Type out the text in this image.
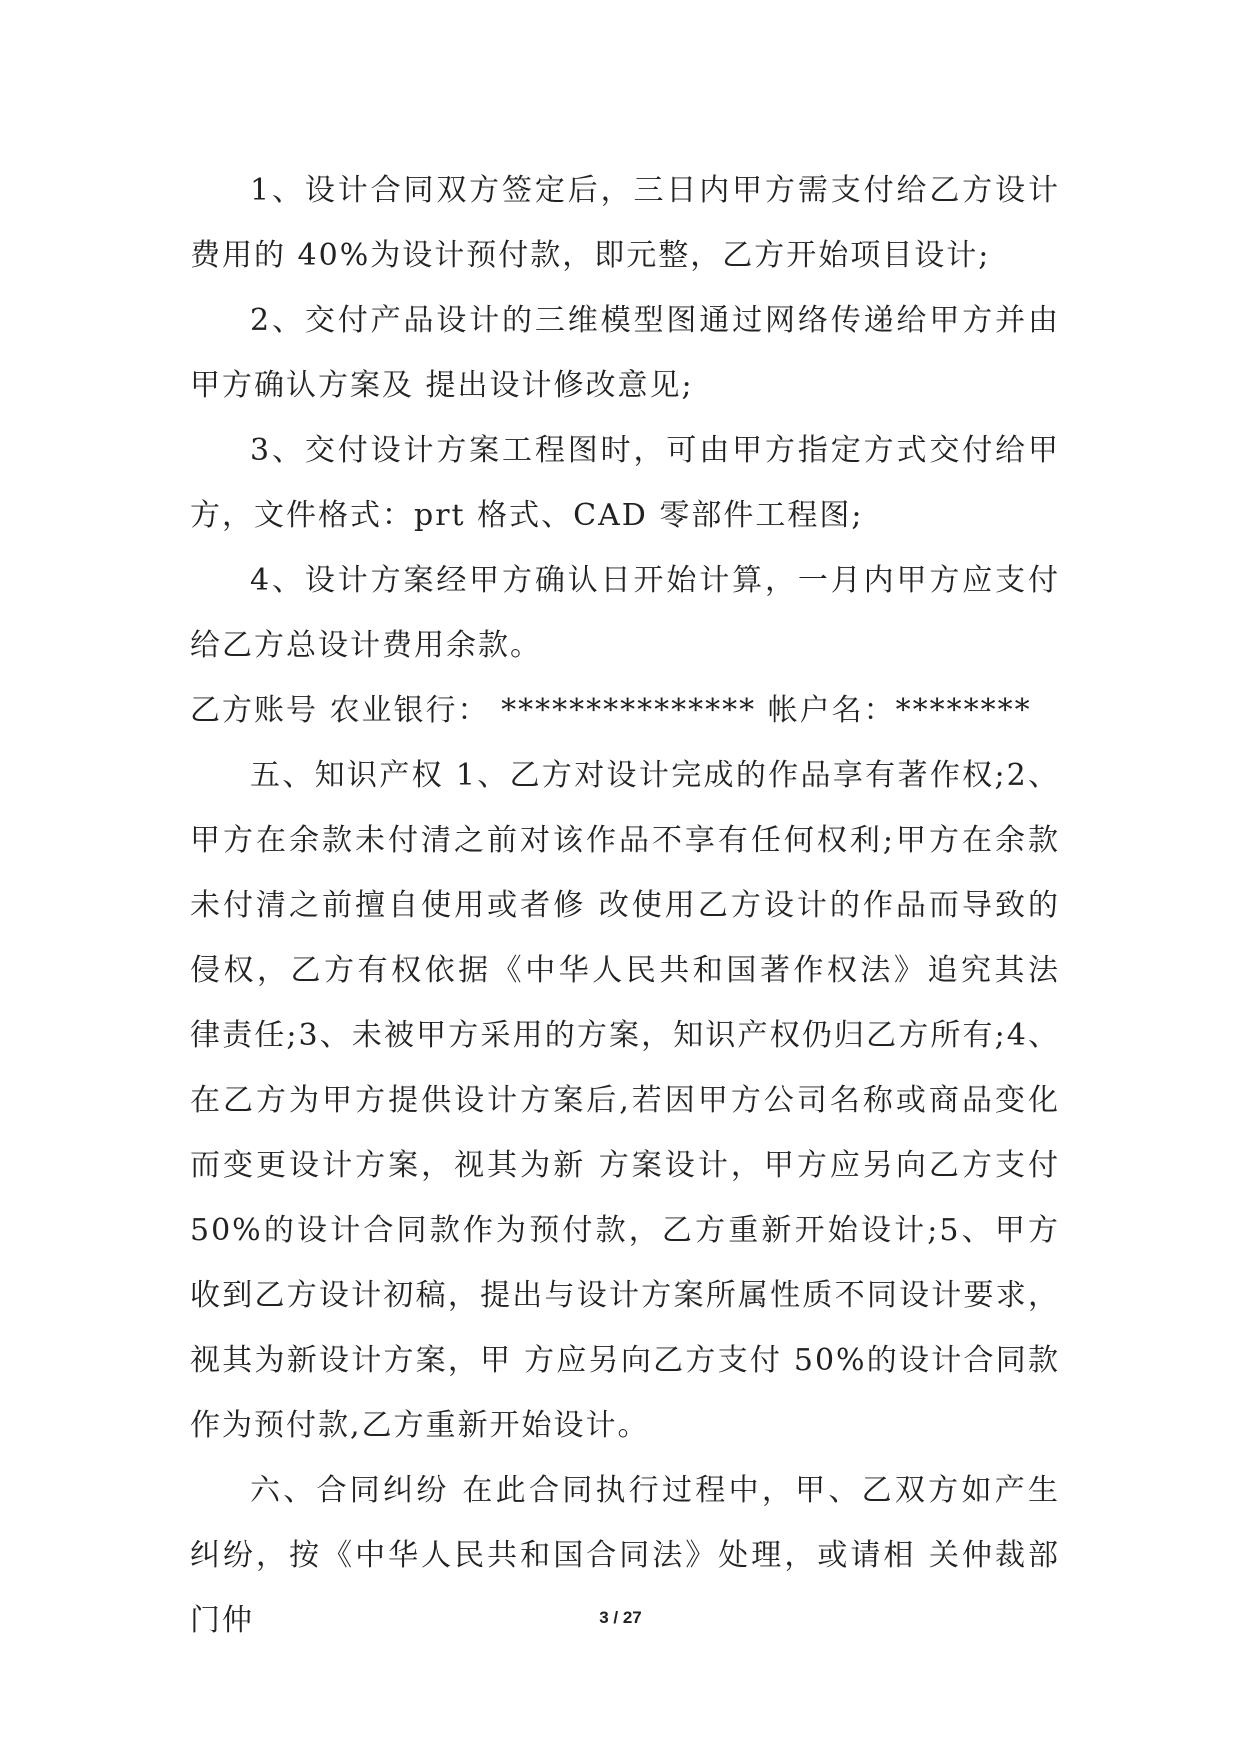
1、设计合同双方签定后，三日内甲方需支付给乙方设计费用的 40%为设计预付款，即元整，乙方开始项目设计;

2、交付产品设计的三维模型图通过网络传递给甲方并由甲方确认方案及 提出设计修改意见;

3、交付设计方案工程图时，可由甲方指定方式交付给甲方，文件格式：prt 格式、CAD 零部件工程图;

4、设计方案经甲方确认日开始计算，一月内甲方应支付给乙方总设计费用余款。

乙方账号 农业银行： *************** 帐户名：********

五、知识产权 1、乙方对设计完成的作品享有著作权;2、甲方在余款未付清之前对该作品不享有任何权利;甲方在余款未付清之前擅自使用或者修 改使用乙方设计的作品而导致的侵权，乙方有权依据《中华人民共和国著作权法》追究其法 律责任;3、未被甲方采用的方案，知识产权仍归乙方所有;4、在乙方为甲方提供设计方案后,若因甲方公司名称或商品变化而变更设计方案，视其为新 方案设计，甲方应另向乙方支付 50%的设计合同款作为预付款，乙方重新开始设计;5、甲方收到乙方设计初稿，提出与设计方案所属性质不同设计要求，视其为新设计方案，甲 方应另向乙方支付 50%的设计合同款作为预付款,乙方重新开始设计。

六、合同纠纷 在此合同执行过程中，甲、乙双方如产生纠纷，按《中华人民共和国合同法》处理，或请相 关仲裁部门仲	3 / 27
